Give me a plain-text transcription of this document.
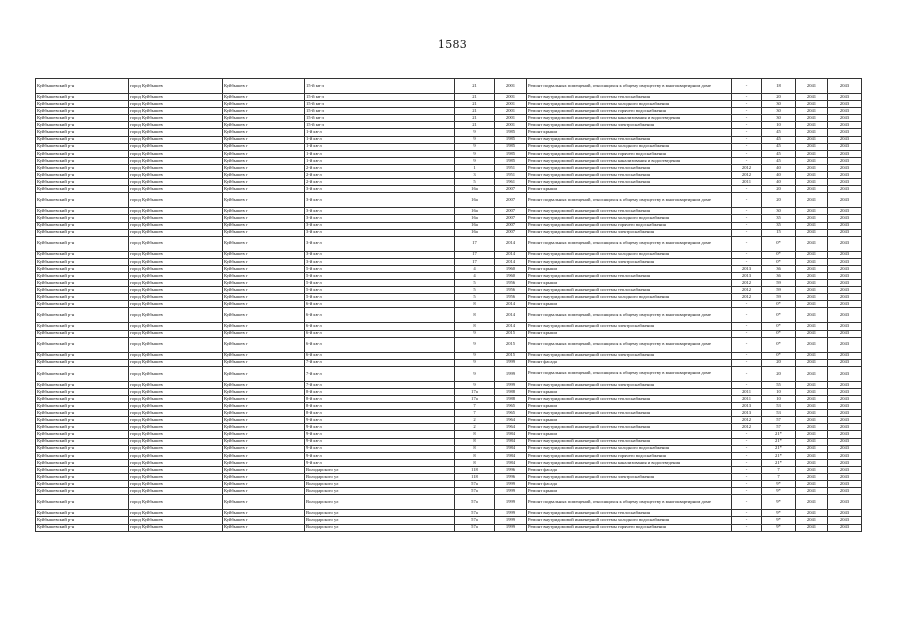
1583
Куйбышевский р-н	город Куйбышев	Куйбышев г	15-й кв-л	21	2001	Ремонт подвальных помещений, относящихся к общему имуществу в многоквартирном доме	-	18	2041	2043
Куйбышевский р-н	город Куйбышев	Куйбышев г	15-й кв-л	21	2001	Ремонт внутридомовой инженерной системы теплоснабжения	-	20	2041	2043
Куйбышевский р-н	город Куйбышев	Куйбышев г	15-й кв-л	21	2001	Ремонт внутридомовой инженерной системы холодного водоснабжения	-	30	2041	2043
Куйбышевский р-н	город Куйбышев	Куйбышев г	15-й кв-л	21	2001	Ремонт внутридомовой инженерной системы горячего водоснабжения	-	30	2041	2043
Куйбышевский р-н	город Куйбышев	Куйбышев г	15-й кв-л	21	2001	Ремонт внутридомовой инженерной системы канализования и водоотведения	-	30	2041	2043
Куйбышевский р-н	город Куйбышев	Куйбышев г	15-й кв-л	21	2001	Ремонт внутридомовой инженерной системы электроснабжения	-	10	2041	2043
Куйбышевский р-н	город Куйбышев	Куйбышев г	1-й кв-л	9	1985	Ремонт крыши	-	45	2041	2043
Куйбышевский р-н	город Куйбышев	Куйбышев г	1-й кв-л	9	1985	Ремонт внутридомовой инженерной системы теплоснабжения	-	45	2041	2043
Куйбышевский р-н	город Куйбышев	Куйбышев г	1-й кв-л	9	1985	Ремонт внутридомовой инженерной системы холодного водоснабжения	-	45	2041	2043
Куйбышевский р-н	город Куйбышев	Куйбышев г	1-й кв-л	9	1985	Ремонт внутридомовой инженерной системы горячего водоснабжения	-	45	2041	2043
Куйбышевский р-н	город Куйбышев	Куйбышев г	1-й кв-л	9	1985	Ремонт внутридомовой инженерной системы канализования и водоотведения	-	45	2041	2043
Куйбышевский р-н	город Куйбышев	Куйбышев г	2-й кв-л	1	1951	Ремонт внутридомовой инженерной системы теплоснабжения	2012	40	2041	2043
Куйбышевский р-н	город Куйбышев	Куйбышев г	2-й кв-л	3	1951	Ремонт внутридомовой инженерной системы теплоснабжения	2012	40	2041	2043
Куйбышевский р-н	город Куйбышев	Куйбышев г	2-й кв-л	5	1961	Ремонт внутридомовой инженерной системы теплоснабжения	2011	40	2041	2043
Куйбышевский р-н	город Куйбышев	Куйбышев г	3-й кв-л	16а	2007	Ремонт крыши	-	20	2041	2043
Куйбышевский р-н	город Куйбышев	Куйбышев г	3-й кв-л	16а	2007	Ремонт подвальных помещений, относящихся к общему имуществу в многоквартирном доме	-	20	2041	2043
Куйбышевский р-н	город Куйбышев	Куйбышев г	3-й кв-л	16а	2007	Ремонт внутридомовой инженерной системы теплоснабжения	-	30	2041	2043
Куйбышевский р-н	город Куйбышев	Куйбышев г	3-й кв-л	16а	2007	Ремонт внутридомовой инженерной системы холодного водоснабжения	-	35	2041	2043
Куйбышевский р-н	город Куйбышев	Куйбышев г	3-й кв-л	16а	2007	Ремонт внутридомовой инженерной системы горячего водоснабжения	-	35	2041	2043
Куйбышевский р-н	город Куйбышев	Куйбышев г	3-й кв-л	16а	2007	Ремонт внутридомовой инженерной системы электроснабжения	-	15	2041	2043
Куйбышевский р-н	город Куйбышев	Куйбышев г	3-й кв-л	17	2014	Ремонт подвальных помещений, относящихся к общему имуществу в многоквартирном доме	-	0*	2041	2043
Куйбышевский р-н	город Куйбышев	Куйбышев г	3-й кв-л	17	2014	Ремонт внутридомовой инженерной системы холодного водоснабжения	-	0*	2041	2043
Куйбышевский р-н	город Куйбышев	Куйбышев г	3-й кв-л	17	2014	Ремонт внутридомовой инженерной системы электроснабжения	-	0*	2041	2043
Куйбышевский р-н	город Куйбышев	Куйбышев г	5-й кв-л	4	1960	Ремонт крыши	2013	36	2041	2043
Куйбышевский р-н	город Куйбышев	Куйбышев г	5-й кв-л	4	1960	Ремонт внутридомовой инженерной системы теплоснабжения	2013	36	2041	2043
Куйбышевский р-н	город Куйбышев	Куйбышев г	5-й кв-л	5	1956	Ремонт крыши	2012	59	2041	2043
Куйбышевский р-н	город Куйбышев	Куйбышев г	5-й кв-л	5	1956	Ремонт внутридомовой инженерной системы теплоснабжения	2012	59	2041	2043
Куйбышевский р-н	город Куйбышев	Куйбышев г	5-й кв-л	5	1956	Ремонт внутридомовой инженерной системы холодного водоснабжения	2012	59	2041	2043
Куйбышевский р-н	город Куйбышев	Куйбышев г	6-й кв-л	8	2014	Ремонт крыши	-	0*	2041	2043
Куйбышевский р-н	город Куйбышев	Куйбышев г	6-й кв-л	8	2014	Ремонт подвальных помещений, относящихся к общему имуществу в многоквартирном доме	-	0*	2041	2043
Куйбышевский р-н	город Куйбышев	Куйбышев г	6-й кв-л	8	2014	Ремонт внутридомовой инженерной системы электроснабжения	-	0*	2041	2043
Куйбышевский р-н	город Куйбышев	Куйбышев г	6-й кв-л	9	2015	Ремонт крыши	-	0*	2041	2043
Куйбышевский р-н	город Куйбышев	Куйбышев г	6-й кв-л	9	2015	Ремонт подвальных помещений, относящихся к общему имуществу в многоквартирном доме	-	0*	2041	2043
Куйбышевский р-н	город Куйбышев	Куйбышев г	6-й кв-л	9	2015	Ремонт внутридомовой инженерной системы электроснабжения	-	0*	2041	2043
Куйбышевский р-н	город Куйбышев	Куйбышев г	7-й кв-л	9	1999	Ремонт фасада	-	20	2041	2043
Куйбышевский р-н	город Куйбышев	Куйбышев г	7-й кв-л	9	1999	Ремонт подвальных помещений, относящихся к общему имуществу в многоквартирном доме	-	20	2041	2043
Куйбышевский р-н	город Куйбышев	Куйбышев г	7-й кв-л	9	1999	Ремонт внутридомовой инженерной системы электроснабжения	-	55	2041	2043
Куйбышевский р-н	город Куйбышев	Куйбышев г	8-й кв-л	17а	1988	Ремонт крыши	2011	10	2041	2043
Куйбышевский р-н	город Куйбышев	Куйбышев г	8-й кв-л	17а	1988	Ремонт внутридомовой инженерной системы теплоснабжения	2011	10	2041	2043
Куйбышевский р-н	город Куйбышев	Куйбышев г	8-й кв-л	7	1965	Ремонт крыши	2013	53	2041	2043
Куйбышевский р-н	город Куйбышев	Куйбышев г	8-й кв-л	7	1965	Ремонт внутридомовой инженерной системы теплоснабжения	2013	53	2041	2043
Куйбышевский р-н	город Куйбышев	Куйбышев г	9-й кв-л	2	1964	Ремонт крыши	2012	57	2041	2043
Куйбышевский р-н	город Куйбышев	Куйбышев г	9-й кв-л	2	1964	Ремонт внутридомовой инженерной системы теплоснабжения	2012	57	2041	2043
Куйбышевский р-н	город Куйбышев	Куйбышев г	9-й кв-л	8	1984	Ремонт крыши	-	21*	2041	2043
Куйбышевский р-н	город Куйбышев	Куйбышев г	9-й кв-л	8	1984	Ремонт внутридомовой инженерной системы теплоснабжения	-	21*	2041	2043
Куйбышевский р-н	город Куйбышев	Куйбышев г	9-й кв-л	8	1984	Ремонт внутридомовой инженерной системы холодного водоснабжения	-	21*	2041	2043
Куйбышевский р-н	город Куйбышев	Куйбышев г	9-й кв-л	8	1984	Ремонт внутридомовой инженерной системы горячего водоснабжения	-	21*	2041	2043
Куйбышевский р-н	город Куйбышев	Куйбышев г	9-й кв-л	8	1984	Ремонт внутридомовой инженерной системы канализования и водоотведения	-	21*	2041	2043
Куйбышевский р-н	город Куйбышев	Куйбышев г	Володарского ул	118	1996	Ремонт фасада	-	7	2041	2043
Куйбышевский р-н	город Куйбышев	Куйбышев г	Володарского ул	118	1996	Ремонт внутридомовой инженерной системы электроснабжения	-	7	2041	2043
Куйбышевский р-н	город Куйбышев	Куйбышев г	Володарского ул	57а	1999	Ремонт фасада	-	9*	2041	2043
Куйбышевский р-н	город Куйбышев	Куйбышев г	Володарского ул	57а	1999	Ремонт крыши	-	9*	2041	2043
Куйбышевский р-н	город Куйбышев	Куйбышев г	Володарского ул	57а	1999	Ремонт подвальных помещений, относящихся к общему имуществу в многоквартирном доме	-	9*	2041	2043
Куйбышевский р-н	город Куйбышев	Куйбышев г	Володарского ул	57а	1999	Ремонт внутридомовой инженерной системы теплоснабжения	-	9*	2041	2043
Куйбышевский р-н	город Куйбышев	Куйбышев г	Володарского ул	57а	1999	Ремонт внутридомовой инженерной системы холодного водоснабжения	-	9*	2041	2043
Куйбышевский р-н	город Куйбышев	Куйбышев г	Володарского ул	57а	1999	Ремонт внутридомовой инженерной системы горячего водоснабжения	-	9*	2041	2043
